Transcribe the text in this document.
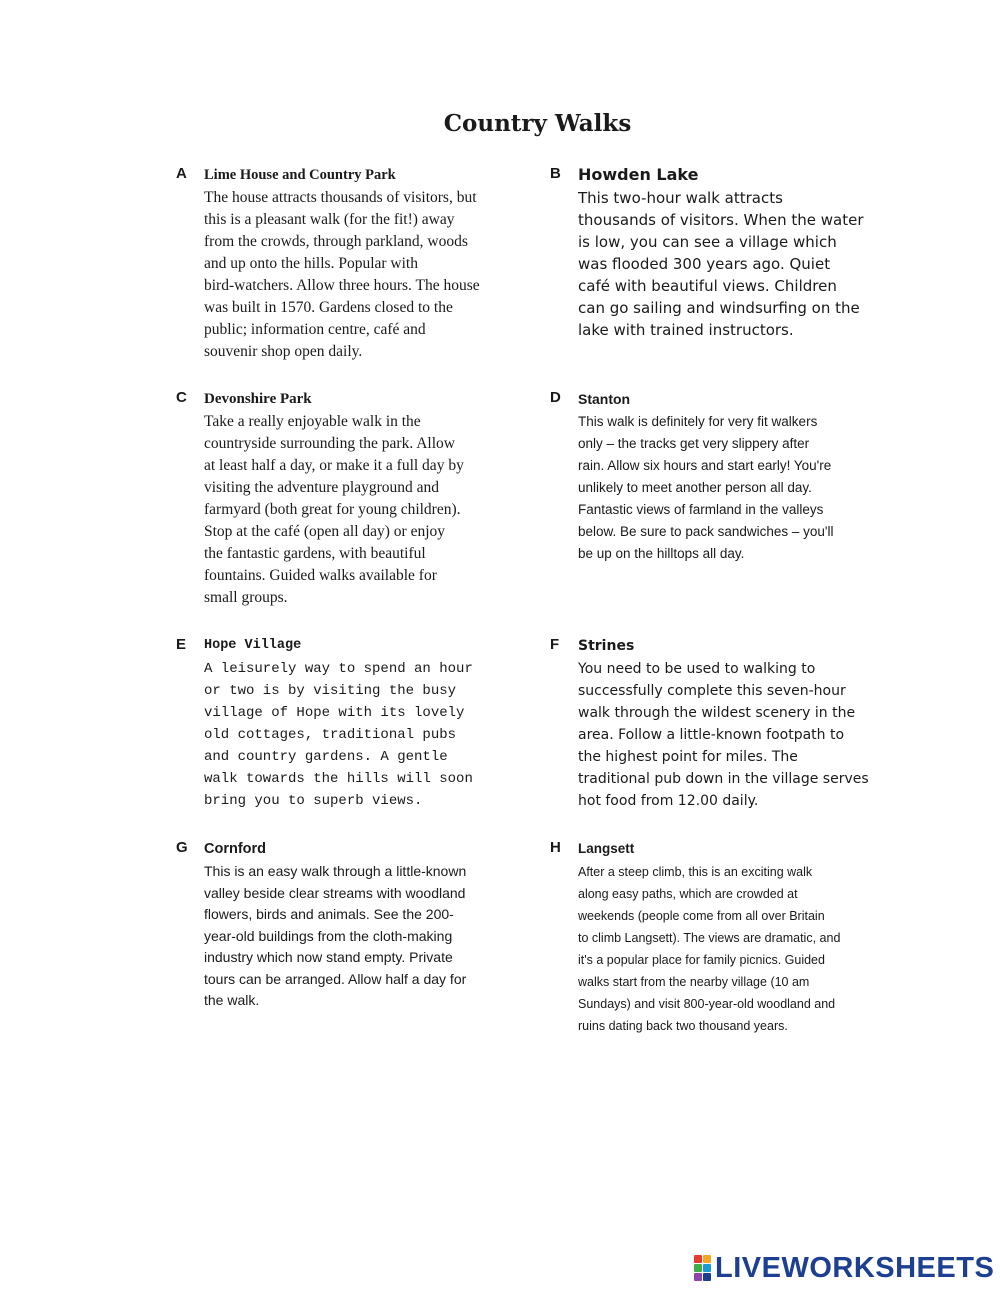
Country Walks
A Lime House and Country Park
The house attracts thousands of visitors, but
this is a pleasant walk (for the fit!) away
from the crowds, through parkland, woods
and up onto the hills. Popular with
bird-watchers. Allow three hours. The house
was built in 1570. Gardens closed to the
public; information centre, café and
souvenir shop open daily.
B Howden Lake
This two-hour walk attracts
thousands of visitors. When the water
is low, you can see a village which
was flooded 300 years ago. Quiet
café with beautiful views. Children
can go sailing and windsurfing on the
lake with trained instructors.
C Devonshire Park
Take a really enjoyable walk in the
countryside surrounding the park. Allow
at least half a day, or make it a full day by
visiting the adventure playground and
farmyard (both great for young children).
Stop at the café (open all day) or enjoy
the fantastic gardens, with beautiful
fountains. Guided walks available for
small groups.
D Stanton
This walk is definitely for very fit walkers
only – the tracks get very slippery after
rain. Allow six hours and start early! You're
unlikely to meet another person all day.
Fantastic views of farmland in the valleys
below. Be sure to pack sandwiches – you'll
be up on the hilltops all day.
E Hope Village
A leisurely way to spend an hour
or two is by visiting the busy
village of Hope with its lovely
old cottages, traditional pubs
and country gardens. A gentle
walk towards the hills will soon
bring you to superb views.
F Strines
You need to be used to walking to
successfully complete this seven-hour
walk through the wildest scenery in the
area. Follow a little-known footpath to
the highest point for miles. The
traditional pub down in the village serves
hot food from 12.00 daily.
G Cornford
This is an easy walk through a little-known
valley beside clear streams with woodland
flowers, birds and animals. See the 200-
year-old buildings from the cloth-making
industry which now stand empty. Private
tours can be arranged. Allow half a day for
the walk.
H Langsett
After a steep climb, this is an exciting walk
along easy paths, which are crowded at
weekends (people come from all over Britain
to climb Langsett). The views are dramatic, and
it's a popular place for family picnics. Guided
walks start from the nearby village (10 am
Sundays) and visit 800-year-old woodland and
ruins dating back two thousand years.
LIVEWORKSHEETS
